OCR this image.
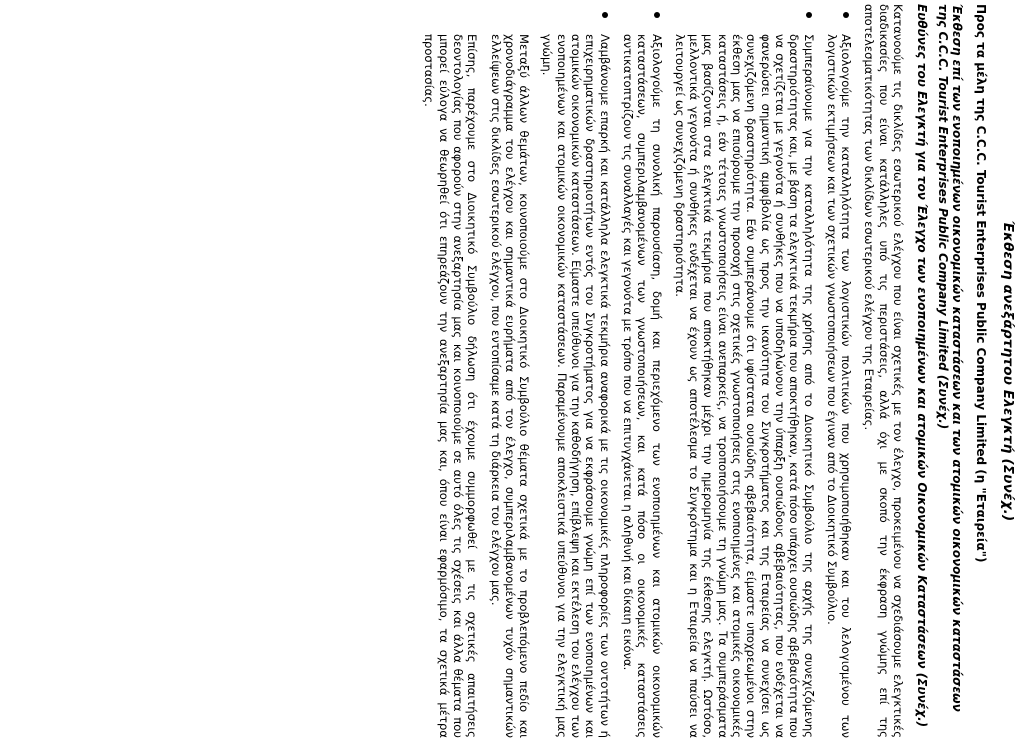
Έκθεση ανεξάρτητου Ελεγκτή (Συνέχ.)
Προς τα μέλη της C.C.C. Tourist Enterprises Public Company Limited (η "Εταιρεία")
Έκθεση επί των ενοποιημένων οικονομικών καταστάσεων και των ατομικών οικονομικών καταστάσεων της C.C.C. Tourist Enterprises Public Company Limited (Συνέχ.)
Ευθύνες του Ελεγκτή για τον Έλεγχο των ενοποιημένων και ατομικών Οικονομικών Καταστάσεων (Συνέχ.)
Κατανοούμε τις δικλίδες εσωτερικού ελέγχου που είναι σχετικές με τον έλεγχο, προκειμένου να σχεδιάσουμε ελεγκτικές διαδικασίες που είναι κατάλληλες υπό τις περιστάσεις, αλλά όχι με σκοπό την έκφραση γνώμης επί της αποτελεσματικότητας των δικλίδων εσωτερικού ελέγχου της Εταιρείας.
Αξιολογούμε την καταλληλότητα των λογιστικών πολιτικών που χρησιμοποιήθηκαν και του λελογισμένου των λογιστικών εκτιμήσεων και των σχετικών γνωστοποιήσεων που έγιναν από το Διοικητικό Συμβούλιο.
Συμπεραίνουμε για την καταλληλότητα της χρήσης από το Διοικητικό Συμβούλιο της αρχής της συνεχιζόμενης δραστηριότητας και, με βάση τα ελεγκτικά τεκμήρια που αποκτήθηκαν, κατά πόσο υπάρχει ουσιώδης αβεβαιότητα που να σχετίζεται με γεγονότα ή συνθήκες που να υποδηλώνουν την ύπαρξη ουσιώδους αβεβαιότητας, που ενδέχεται να φανερώσει σημαντική αμφιβολία ως προς την ικανότητα του Συγκροτήματος και της Εταιρείας να συνεχίσει ως συνεχιζόμενη δραστηριότητα. Εάν συμπεράνουμε ότι υφίσταται ουσιώδης αβεβαιότητα, είμαστε υποχρεωμένοι στην έκθεση μας να επισύρουμε την προσοχή στις σχετικές γνωστοποιήσεις στις ενοποιημένες και ατομικές οικονομικές καταστάσεις ή, εάν τέτοιες γνωστοποιήσεις είναι ανεπαρκείς, να τροποποιήσουμε τη γνώμη μας. Τα συμπεράσματα μας βασίζονται στα ελεγκτικά τεκμήρια που αποκτήθηκαν μέχρι την ημερομηνία της έκθεσης ελεγκτή. Ωστόσο, μελλοντικά γεγονότα ή συνθήκες ενδέχεται να έχουν ως αποτέλεσμα το Συγκρότημα και η Εταιρεία να παύσει να λειτουργεί ως συνεχιζόμενη δραστηριότητα.
Αξιολογούμε τη συνολική παρουσίαση, δομή και περιεχόμενο των ενοποιημένων και ατομικών οικονομικών καταστάσεων, συμπεριλαμβανομένων των γνωστοποιήσεων, και κατά πόσο οι οικονομικές καταστάσεις αντικατοπτρίζουν τις συναλλαγές και γεγονότα με τρόπο που να επιτυγχάνεται η αληθινή και δίκαιη εικόνα.
Λαμβάνουμε επαρκή και κατάλληλα ελεγκτικά τεκμήρια αναφορικά με τις οικονομικές πληροφορίες των οντοτήτων ή επιχειρηματικών δραστηριοτήτων εντός του Συγκροτήματος για να εκφράσουμε γνώμη επί των ενοποιημένων και ατομικών οικονομικών καταστάσεων. Είμαστε υπεύθυνοι για την καθοδήγηση, επίβλεψη και εκτέλεση του ελέγχου των ενοποιημένων και ατομικών οικονομικών καταστάσεων. Παραμένουμε αποκλειστικά υπεύθυνοι για την ελεγκτική μας γνώμη.
Μεταξύ άλλων θεμάτων, κοινοποιούμε στο Διοικητικό Συμβούλιο θέματα σχετικά με το προβλεπόμενο πεδίο και χρονοδιάγραμμα του ελέγχου και σημαντικά ευρήματα από τον έλεγχο, συμπεριλαμβανομένων τυχόν σημαντικών ελλείψεων στις δικλίδες εσωτερικού ελέγχου, που εντοπίσαμε κατά τη διάρκεια του ελέγχου μας.
Επίσης, παρέχουμε στο Διοικητικό Συμβούλιο δήλωση ότι έχουμε συμμορφωθεί με τις σχετικές απαιτήσεις δεοντολογίας που αφορούν στην ανεξαρτησία μας και κοινοποιούμε σε αυτό όλες τις σχέσεις και άλλα θέματα που μπορεί εύλογα να θεωρηθεί ότι επηρεάζουν την ανεξαρτησία μας και, όπου είναι εφαρμόσιμο, τα σχετικά μέτρα προστασίας.
